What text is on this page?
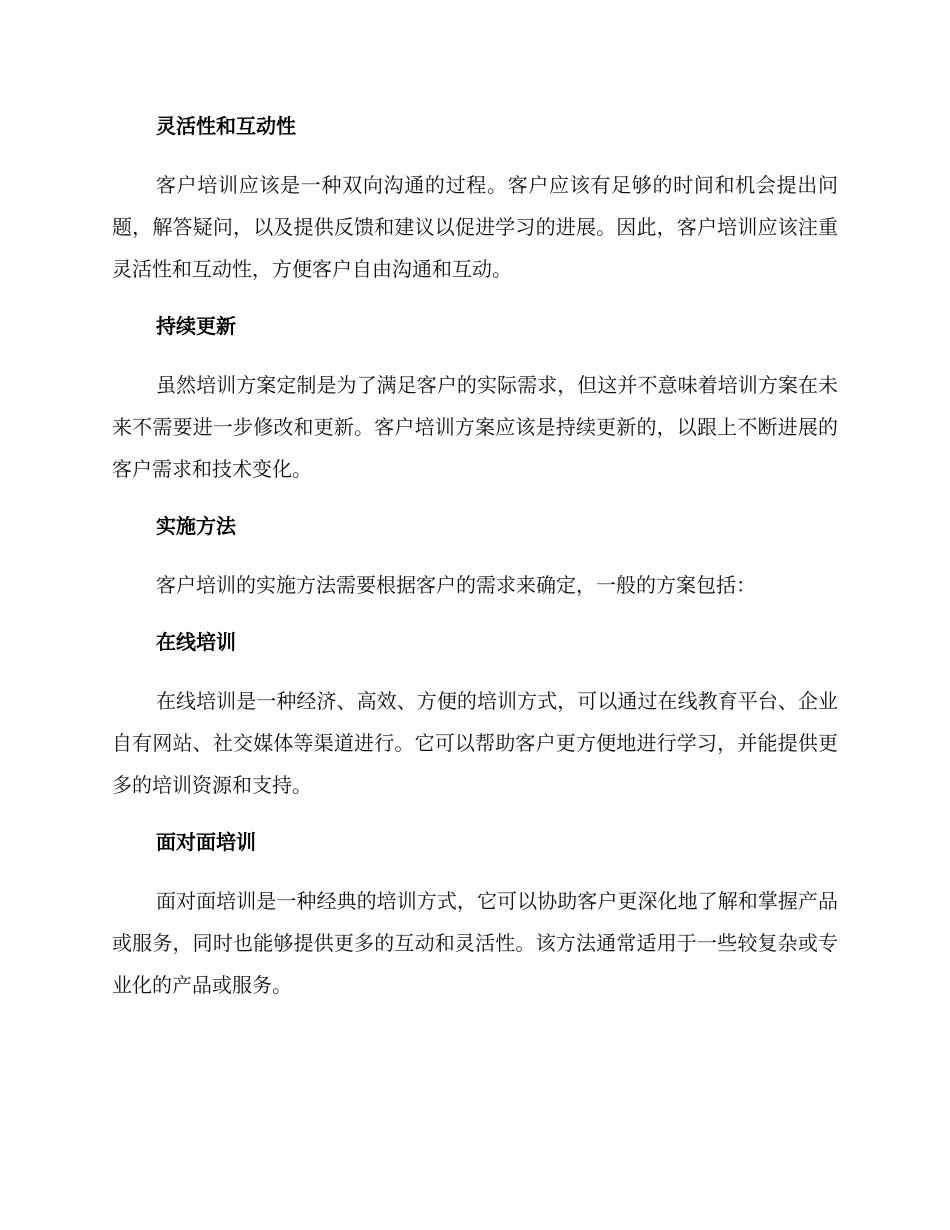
灵活性和互动性

客户培训应该是一种双向沟通的过程。客户应该有足够的时间和机会提出问题，解答疑问，以及提供反馈和建议以促进学习的进展。因此，客户培训应该注重灵活性和互动性，方便客户自由沟通和互动。

持续更新

虽然培训方案定制是为了满足客户的实际需求，但这并不意味着培训方案在未来不需要进一步修改和更新。客户培训方案应该是持续更新的，以跟上不断进展的客户需求和技术变化。

实施方法

客户培训的实施方法需要根据客户的需求来确定，一般的方案包括：

在线培训

在线培训是一种经济、高效、方便的培训方式，可以通过在线教育平台、企业自有网站、社交媒体等渠道进行。它可以帮助客户更方便地进行学习，并能提供更多的培训资源和支持。

面对面培训

面对面培训是一种经典的培训方式，它可以协助客户更深化地了解和掌握产品或服务，同时也能够提供更多的互动和灵活性。该方法通常适用于一些较复杂或专业化的产品或服务。
